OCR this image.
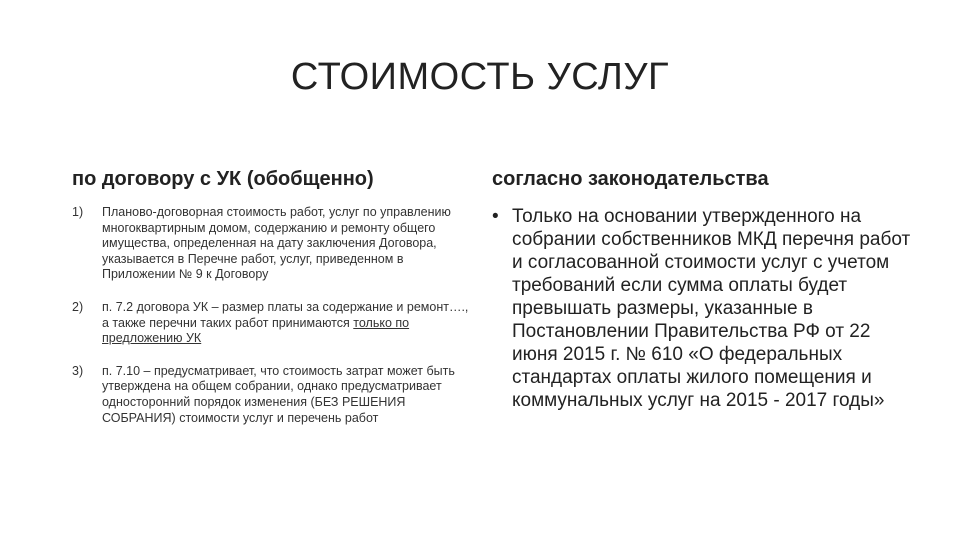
СТОИМОСТЬ УСЛУГ
по договору с УК (обобщенно)
1) Планово-договорная стоимость работ, услуг по управлению многоквартирным домом, содержанию и ремонту общего имущества, определенная на дату заключения Договора, указывается в Перечне работ, услуг, приведенном в Приложении № 9 к Договору
2) п. 7.2 договора УК – размер платы за содержание и ремонт…., а также перечни таких работ принимаются только по предложению УК
3) п. 7.10 – предусматривает, что стоимость затрат может быть утверждена на общем собрании, однако предусматривает односторонний порядок изменения (БЕЗ РЕШЕНИЯ СОБРАНИЯ) стоимости услуг и перечень работ
согласно законодательства
• Только на основании утвержденного на собрании собственников МКД перечня работ и согласованной стоимости услуг с учетом требований если сумма оплаты будет превышать размеры, указанные в Постановлении Правительства РФ от 22 июня 2015 г. № 610 «О федеральных стандартах оплаты жилого помещения и коммунальных услуг на 2015 - 2017 годы»
